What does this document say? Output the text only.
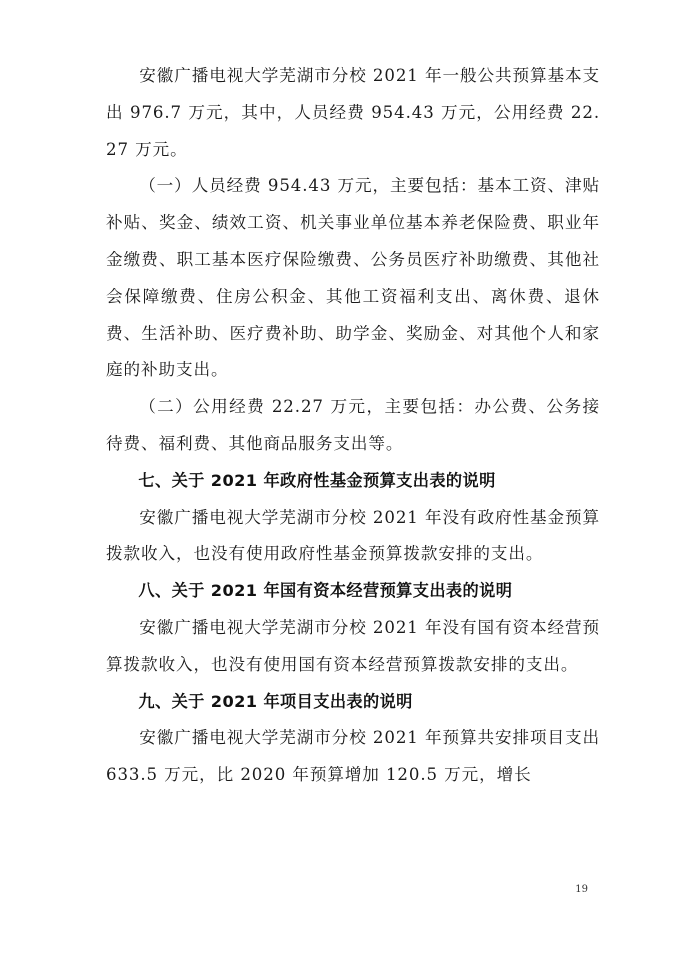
安徽广播电视大学芜湖市分校 2021 年一般公共预算基本支出 976.7 万元，其中，人员经费 954.43 万元，公用经费 22.27 万元。

（一）人员经费 954.43 万元，主要包括：基本工资、津贴补贴、奖金、绩效工资、机关事业单位基本养老保险费、职业年金缴费、职工基本医疗保险缴费、公务员医疗补助缴费、其他社会保障缴费、住房公积金、其他工资福利支出、离休费、退休费、生活补助、医疗费补助、助学金、奖励金、对其他个人和家庭的补助支出。

（二）公用经费 22.27 万元，主要包括：办公费、公务接待费、福利费、其他商品服务支出等。

七、关于 2021 年政府性基金预算支出表的说明

安徽广播电视大学芜湖市分校 2021 年没有政府性基金预算拨款收入，也没有使用政府性基金预算拨款安排的支出。

八、关于 2021 年国有资本经营预算支出表的说明

安徽广播电视大学芜湖市分校 2021 年没有国有资本经营预算拨款收入，也没有使用国有资本经营预算拨款安排的支出。

九、关于 2021 年项目支出表的说明

安徽广播电视大学芜湖市分校 2021 年预算共安排项目支出 633.5 万元，比 2020 年预算增加 120.5 万元，增长

19
